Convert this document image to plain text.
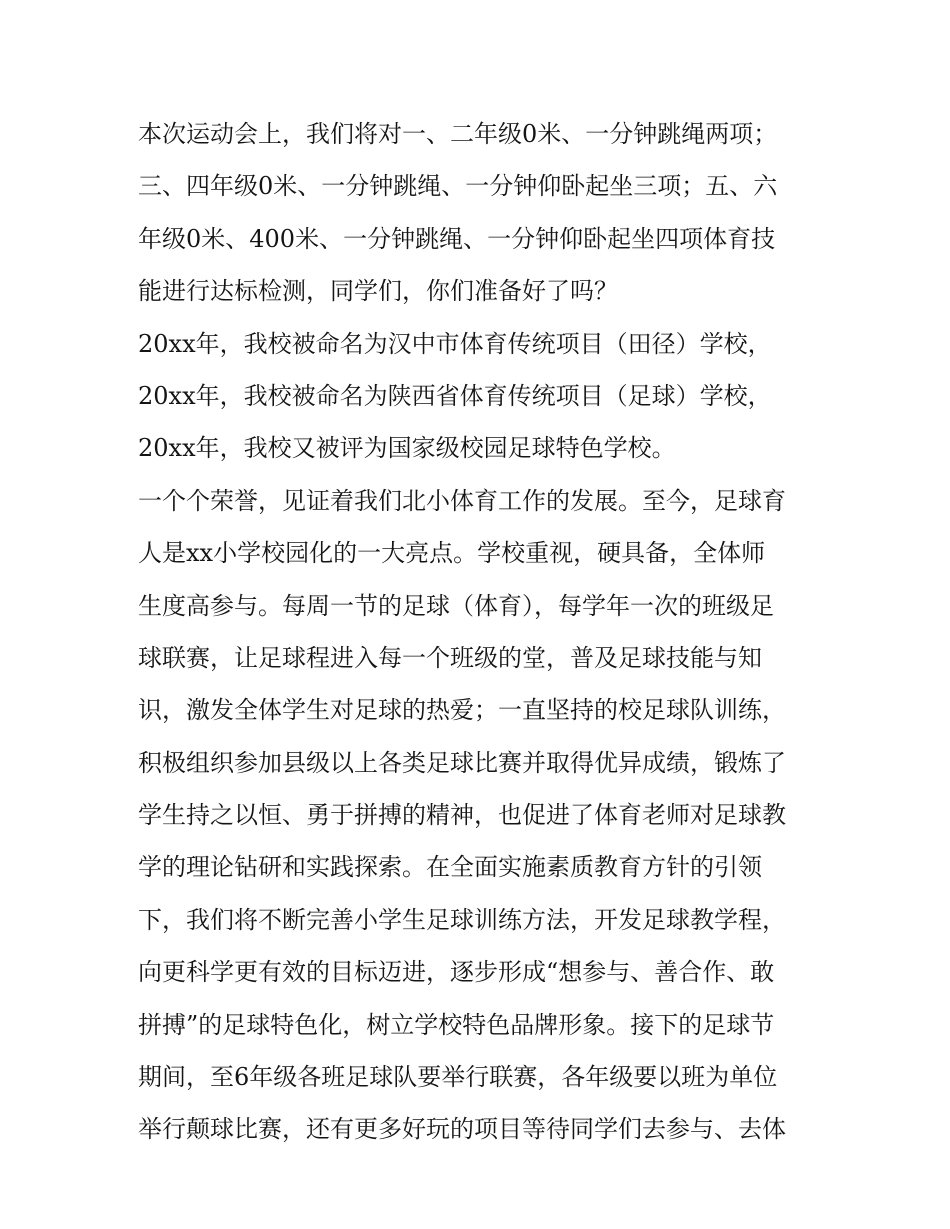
本次运动会上，我们将对一、二年级0米、一分钟跳绳两项；
三、四年级0米、一分钟跳绳、一分钟仰卧起坐三项；五、六
年级0米、400米、一分钟跳绳、一分钟仰卧起坐四项体育技
能进行达标检测，同学们，你们准备好了吗？
20xx年，我校被命名为汉中市体育传统项目（田径）学校，
20xx年，我校被命名为陕西省体育传统项目（足球）学校，
20xx年，我校又被评为国家级校园足球特色学校。
一个个荣誉，见证着我们北小体育工作的发展。至今，足球育
人是xx小学校园化的一大亮点。学校重视，硬具备，全体师
生度高参与。每周一节的足球（体育），每学年一次的班级足
球联赛，让足球程进入每一个班级的堂，普及足球技能与知
识，激发全体学生对足球的热爱；一直坚持的校足球队训练，
积极组织参加县级以上各类足球比赛并取得优异成绩，锻炼了
学生持之以恒、勇于拼搏的精神，也促进了体育老师对足球教
学的理论钻研和实践探索。在全面实施素质教育方针的引领
下，我们将不断完善小学生足球训练方法，开发足球教学程，
向更科学更有效的目标迈进，逐步形成“想参与、善合作、敢
拼搏”的足球特色化，树立学校特色品牌形象。接下的足球节
期间，至6年级各班足球队要举行联赛，各年级要以班为单位
举行颠球比赛，还有更多好玩的项目等待同学们去参与、去体
